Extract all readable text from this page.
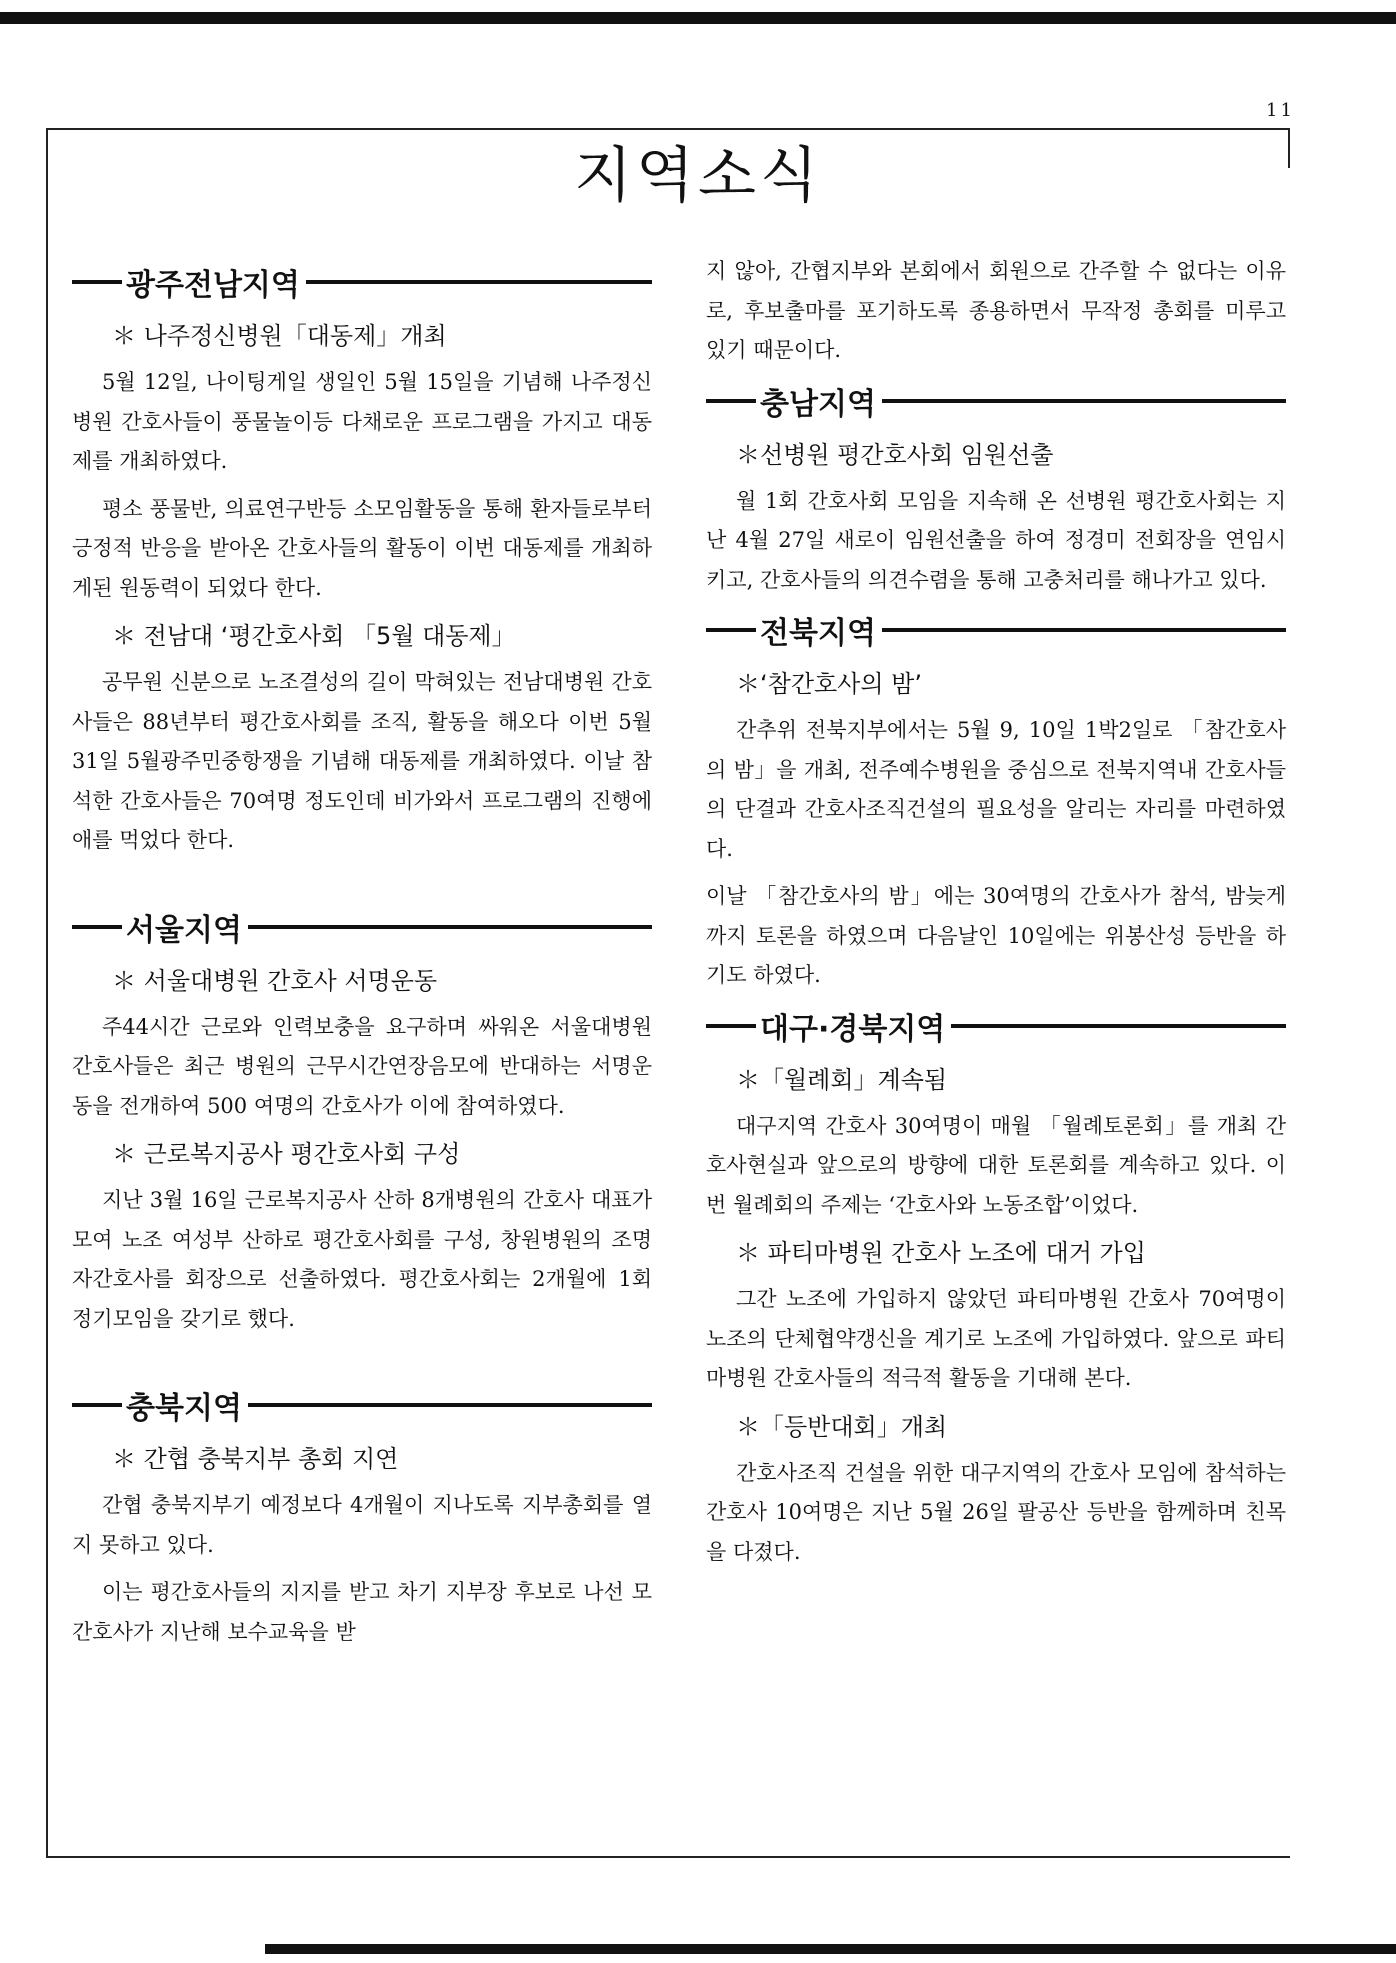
11
지역소식
광주전남지역
＊ 나주정신병원「대동제」개최

5월 12일, 나이팅게일 생일인 5월 15일을 기념해 나주정신병원 간호사들이 풍물놀이등 다채로운 프로그램을 가지고 대동제를 개최하였다.

평소 풍물반, 의료연구반등 소모임활동을 통해 환자들로부터 긍정적 반응을 받아온 간호사들의 활동이 이번 대동제를 개최하게된 원동력이 되었다 한다.

＊ 전남대 ‘평간호사회 「5월 대동제」

공무원 신분으로 노조결성의 길이 막혀있는 전남대병원 간호사들은 88년부터 평간호사회를 조직, 활동을 해오다 이번 5월 31일 5월광주민중항쟁을 기념해 대동제를 개최하였다. 이날 참석한 간호사들은 70여명 정도인데 비가와서 프로그램의 진행에 애를 먹었다 한다.

서울지역
＊ 서울대병원 간호사 서명운동

주44시간 근로와 인력보충을 요구하며 싸워온 서울대병원 간호사들은 최근 병원의 근무시간연장음모에 반대하는 서명운동을 전개하여 500 여명의 간호사가 이에 참여하였다.

＊ 근로복지공사 평간호사회 구성

지난 3월 16일 근로복지공사 산하 8개병원의 간호사 대표가 모여 노조 여성부 산하로 평간호사회를 구성, 창원병원의 조명자간호사를 회장으로 선출하였다. 평간호사회는 2개월에 1회 정기모임을 갖기로 했다.

충북지역
＊ 간협 충북지부 총회 지연

간협 충북지부기 예정보다 4개월이 지나도록 지부총회를 열지 못하고 있다.

이는 평간호사들의 지지를 받고 차기 지부장 후보로 나선 모 간호사가 지난해 보수교육을 받

지 않아, 간협지부와 본회에서 회원으로 간주할 수 없다는 이유로, 후보출마를 포기하도록 종용하면서 무작정 총회를 미루고 있기 때문이다.

충남지역
＊선병원 평간호사회 임원선출

월 1회 간호사회 모임을 지속해 온 선병원 평간호사회는 지난 4월 27일 새로이 임원선출을 하여 정경미 전회장을 연임시키고, 간호사들의 의견수렴을 통해 고충처리를 해나가고 있다.

전북지역
＊‘참간호사의 밤’

간추위 전북지부에서는 5월 9, 10일 1박2일로 「참간호사의 밤」을 개최, 전주예수병원을 중심으로 전북지역내 간호사들의 단결과 간호사조직건설의 필요성을 알리는 자리를 마련하였다.

이날 「참간호사의 밤」에는 30여명의 간호사가 참석, 밤늦게까지 토론을 하였으며 다음날인 10일에는 위봉산성 등반을 하기도 하였다.

대구·경북지역
＊「월례회」계속됨

대구지역 간호사 30여명이 매월 「월례토론회」를 개최 간호사현실과 앞으로의 방향에 대한 토론회를 계속하고 있다. 이번 월례회의 주제는 ‘간호사와 노동조합’이었다.

＊ 파티마병원 간호사 노조에 대거 가입

그간 노조에 가입하지 않았던 파티마병원 간호사 70여명이 노조의 단체협약갱신을 계기로 노조에 가입하였다. 앞으로 파티마병원 간호사들의 적극적 활동을 기대해 본다.

＊「등반대회」개최

간호사조직 건설을 위한 대구지역의 간호사 모임에 참석하는 간호사 10여명은 지난 5월 26일 팔공산 등반을 함께하며 친목을 다졌다.
